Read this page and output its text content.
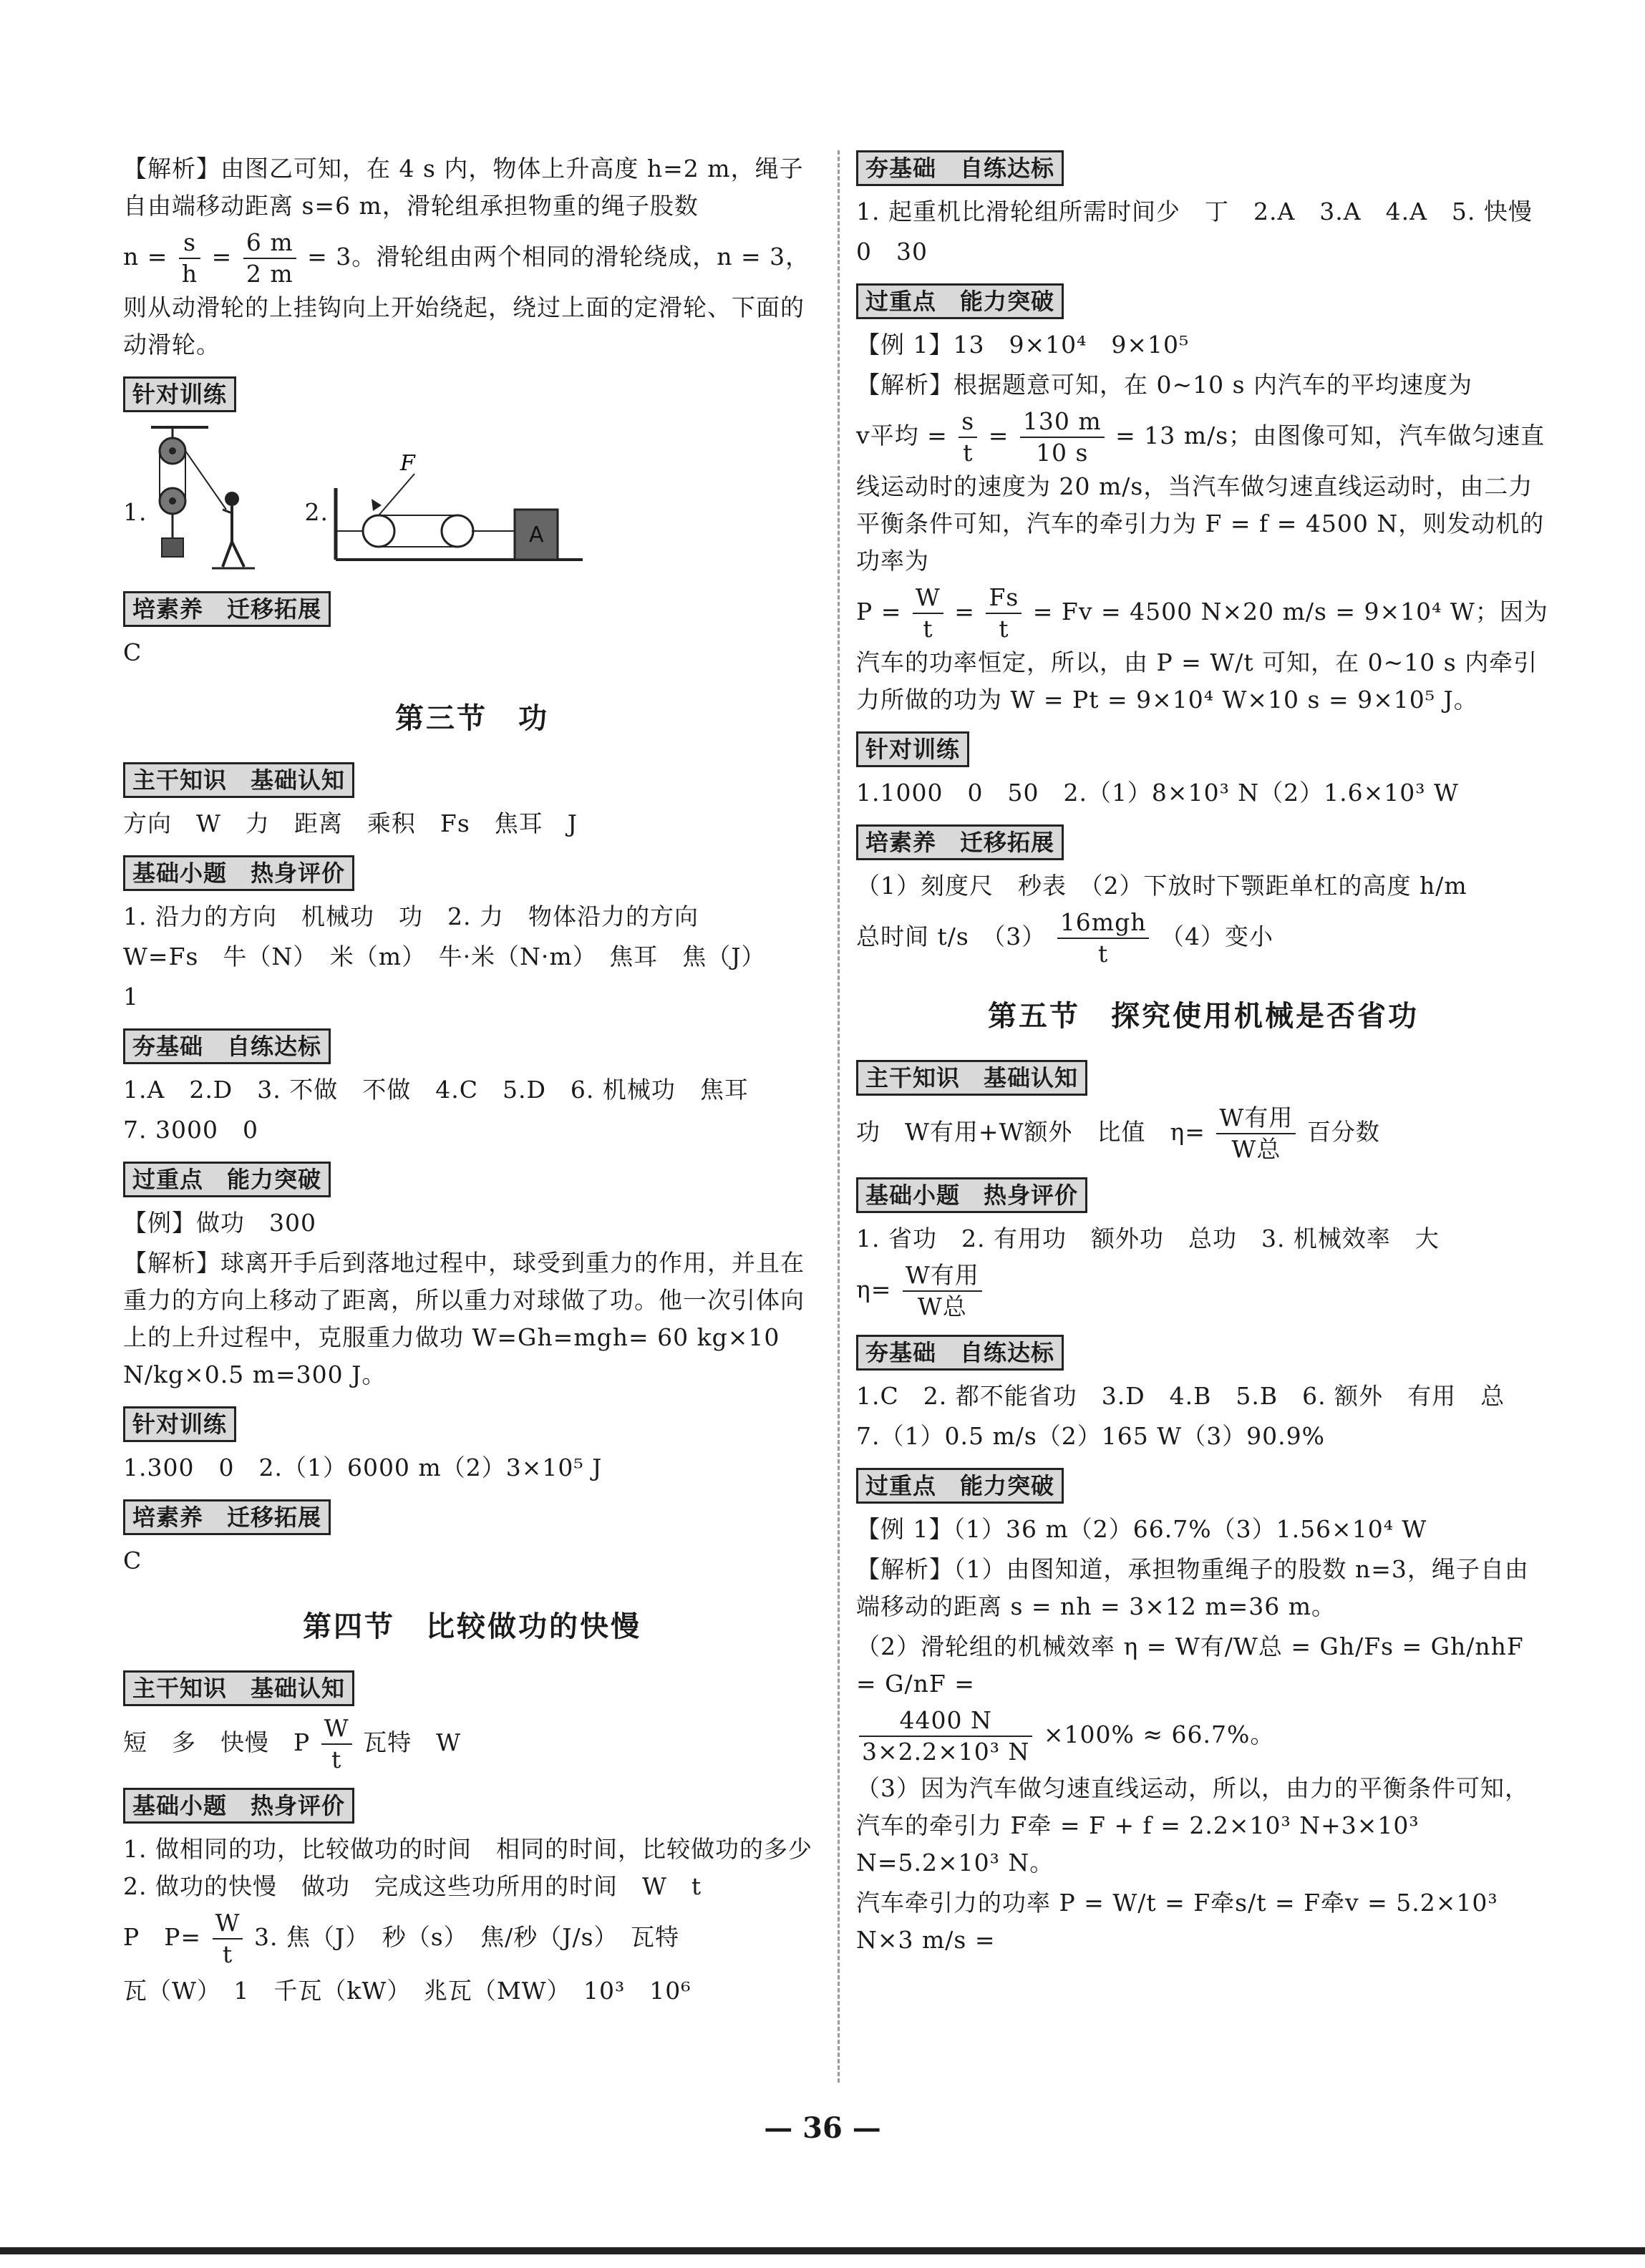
【解析】由图乙可知，在 4 s 内，物体上升高度 h=2 m，绳子自由端移动距离 s=6 m，滑轮组承担物重的绳子股数

$n = \frac{s}{h} = \frac{6 m}{2 m} = 3$。滑轮组由两个相同的滑轮绕成，n = 3，则从动滑轮的上挂钩向上开始绕起，绕过上面的定滑轮、下面的动滑轮。

针对训练
1.	2.
F
A
培素养　迁移拓展

C

第三节　功
主干知识　基础认知

方向　W　力　距离　乘积　Fs　焦耳　J

基础小题　热身评价

1. 沿力的方向　机械功　功　2. 力　物体沿力的方向

W=Fs　牛（N）　米（m）　牛·米（N·m）　焦耳　焦（J）

1

夯基础　自练达标

1.A　2.D　3. 不做　不做　4.C　5.D　6. 机械功　焦耳

7. 3000　0

过重点　能力突破

【例】做功　300

【解析】球离开手后到落地过程中，球受到重力的作用，并且在重力的方向上移动了距离，所以重力对球做了功。他一次引体向上的上升过程中，克服重力做功 W=Gh=mgh= 60 kg×10 N/kg×0.5 m=300 J。

针对训练

1.300　0　2.（1）6000 m（2）3×10⁵ J

培素养　迁移拓展

C

第四节　比较做功的快慢
主干知识　基础认知

短　多　快慢　P $\frac{W}{t}$ 瓦特　W

基础小题　热身评价

1. 做相同的功，比较做功的时间　相同的时间，比较做功的多少　2. 做功的快慢　做功　完成这些功所用的时间　W　t

P　$P= \frac{W}{t} 3$. 焦（J）　秒（s）　焦/秒（J/s）　瓦特

瓦（W）　1　千瓦（kW）　兆瓦（MW）　10³　10⁶

夯基础　自练达标

1. 起重机比滑轮组所需时间少　丁　2.A　3.A　4.A　5. 快慢

0　30

过重点　能力突破

【例 1】13　9×10⁴　9×10⁵

【解析】根据题意可知，在 0~10 s 内汽车的平均速度为

v平均 = $\frac{s}{t} = \frac{130 m}{10 s} = 13$ m/s；由图像可知，汽车做匀速直线运动时的速度为 20 m/s，当汽车做匀速直线运动时，由二力平衡条件可知，汽车的牵引力为 F = f = 4500 N，则发动机的功率为

$P = \frac{W}{t} = \frac{Fs}{t} = Fv = 4500$ N×20 m/s = 9×10⁴ W；因为汽车的功率恒定，所以，由 P = W/t 可知，在 0~10 s 内牵引力所做的功为 W = Pt = 9×10⁴ W×10 s = 9×10⁵ J。

针对训练

1.1000　0　50　2.（1）8×10³ N（2）1.6×10³ W

培素养　迁移拓展

（1）刻度尺　秒表　（2）下放时下颚距单杠的高度 h/m

总时间 t/s　$(3) \frac{\text{16mgh}}{t} (4)$变小

第五节　探究使用机械是否省功
主干知识　基础认知

功　W有用+W额外　比值　$\eta= \frac{\text{W有用}}{\text{W总}}$ 百分数

基础小题　热身评价

1. 省功　2. 有用功　额外功　总功　3. 机械效率　大

$\eta= \frac{\text{W有用}}{\text{W总}}$

夯基础　自练达标

1.C　2. 都不能省功　3.D　4.B　5.B　6. 额外　有用　总

7.（1）0.5 m/s（2）165 W（3）90.9%

过重点　能力突破

【例 1】（1）36 m（2）66.7%（3）1.56×10⁴ W

【解析】（1）由图知道，承担物重绳子的股数 n=3，绳子自由端移动的距离 s = nh = 3×12 m=36 m。

（2）滑轮组的机械效率 η = W有/W总 = Gh/Fs = Gh/nhF = G/nF =

$\frac{4400 N}{\text{3×2.2×10³ N}} \times 100\% \approx 66.7\%$。

（3）因为汽车做匀速直线运动，所以，由力的平衡条件可知，汽车的牵引力 F牵 = F + f = 2.2×10³ N+3×10³ N=5.2×10³ N。

汽车牵引力的功率 P = W/t = F牵s/t = F牵v = 5.2×10³ N×3 m/s =

— 36 —
